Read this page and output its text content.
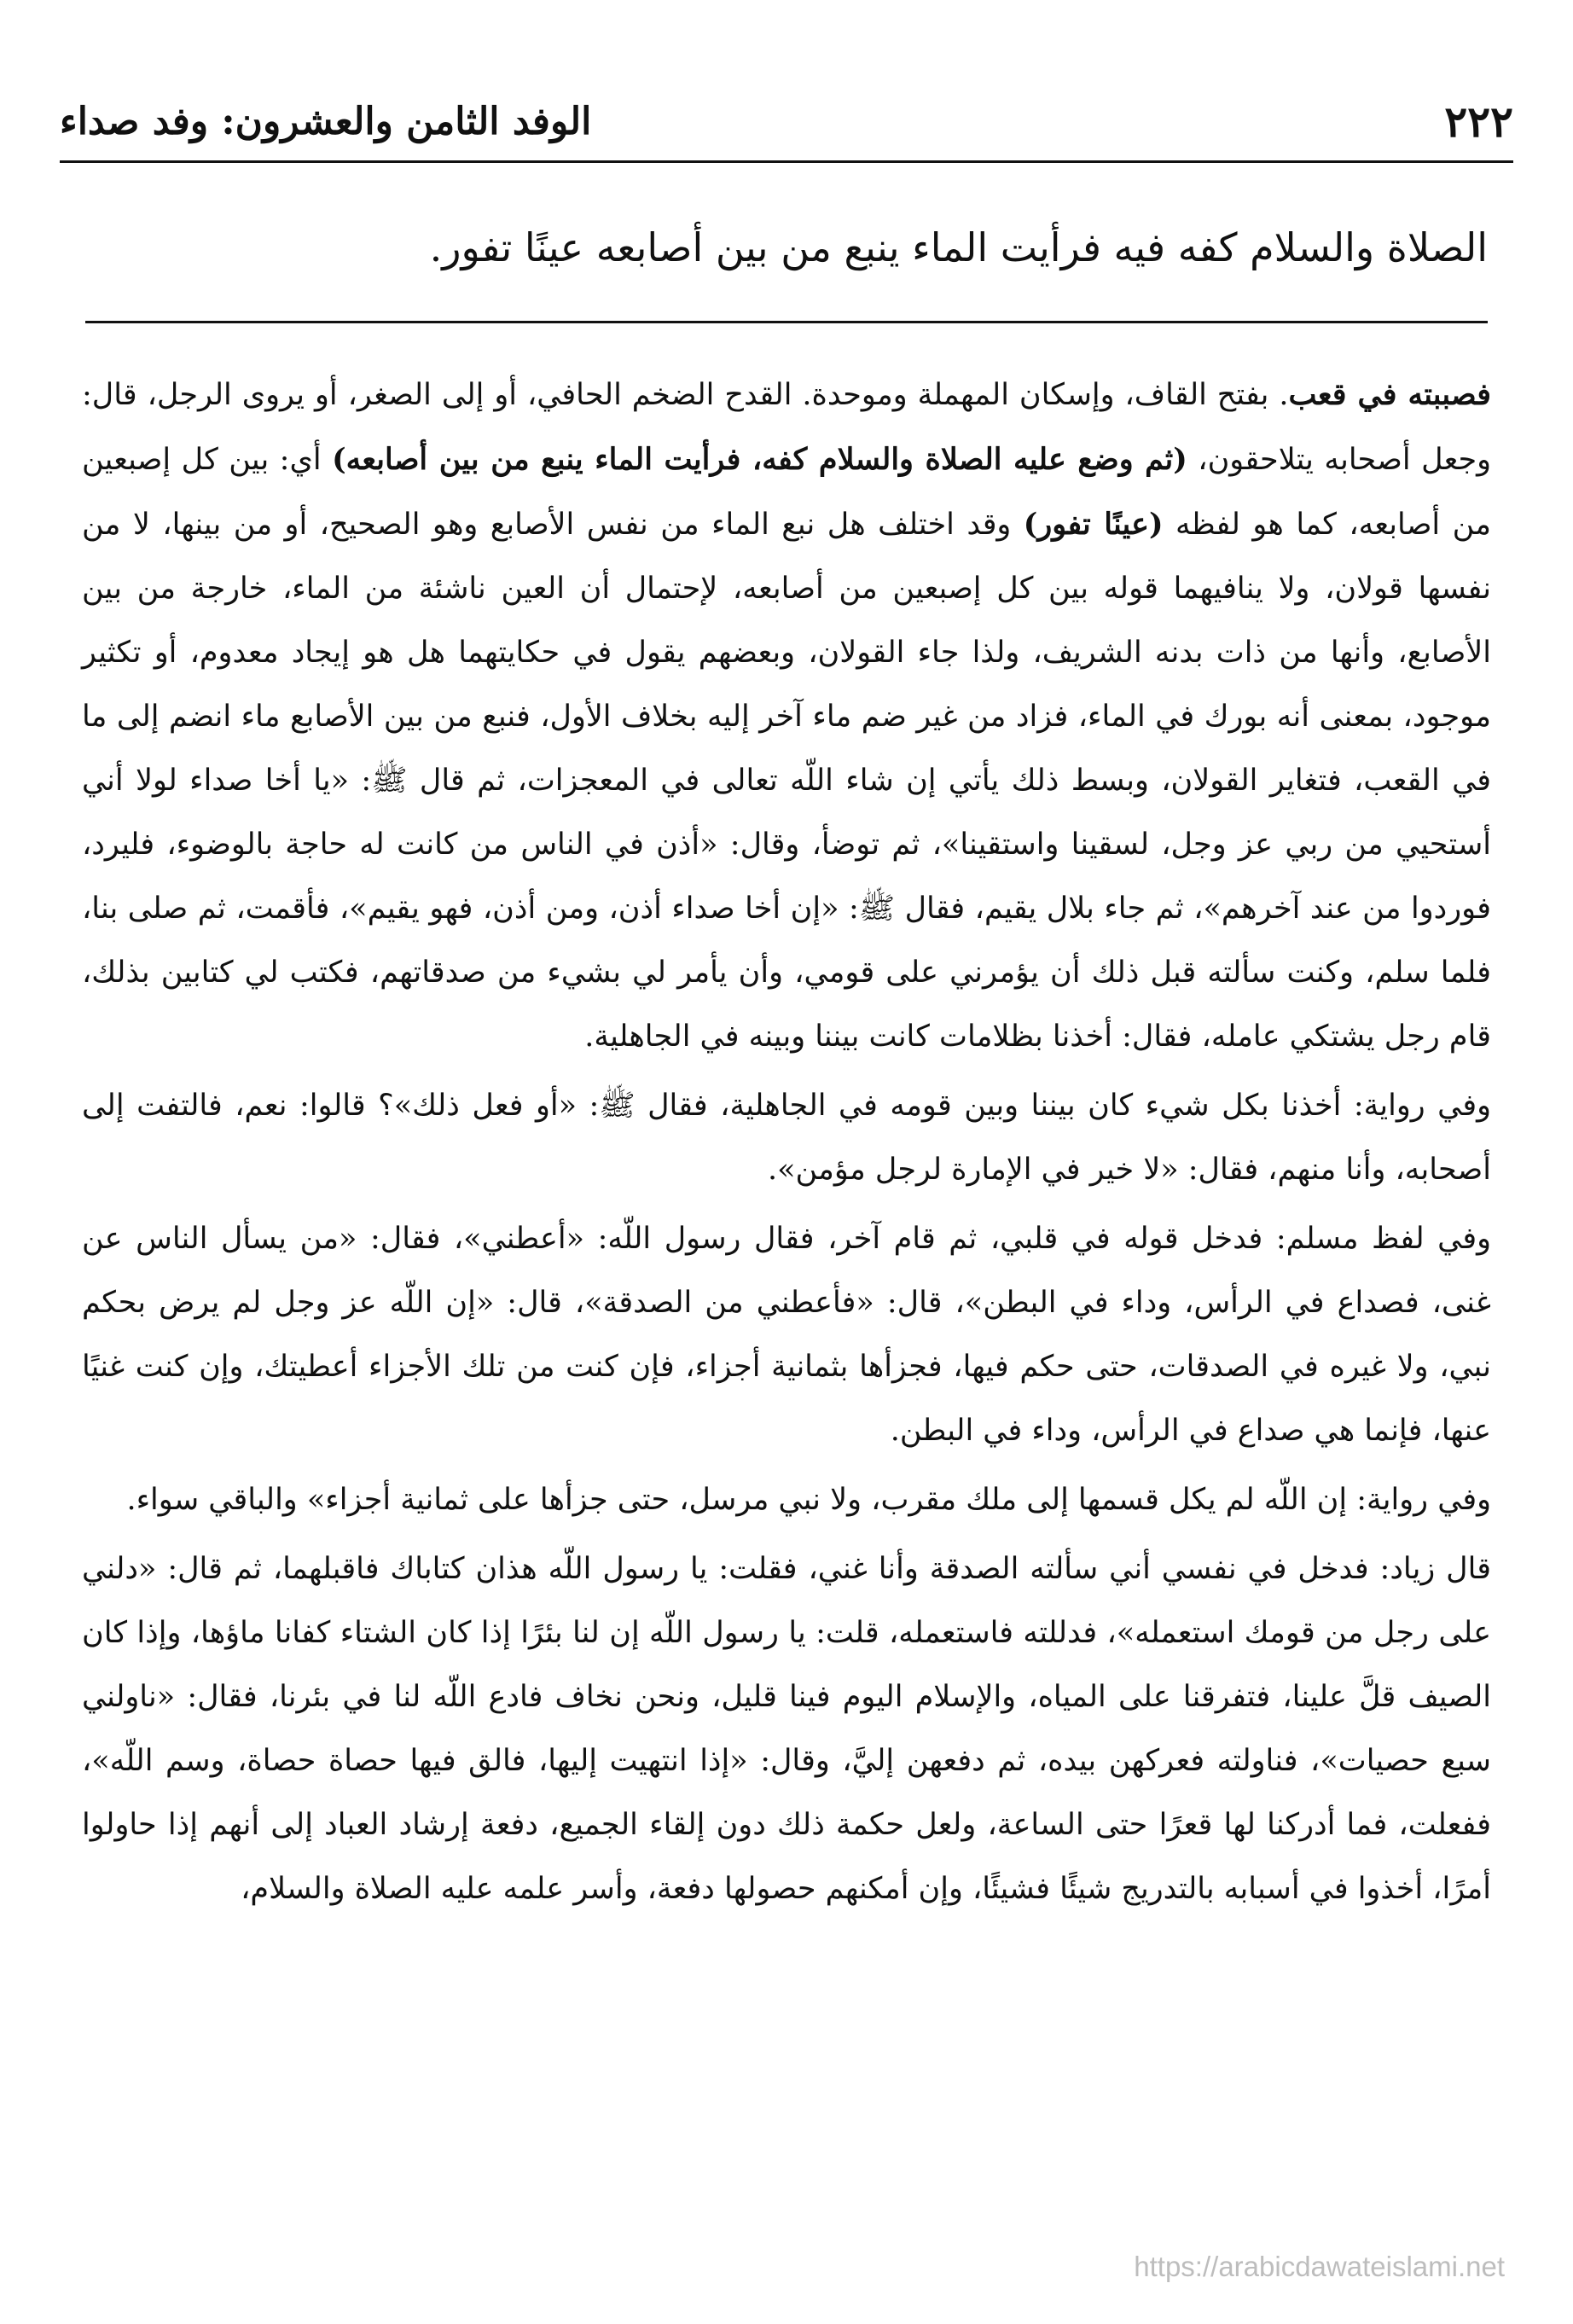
٢٢٢
الوفد الثامن والعشرون: وفد صداء
الصلاة والسلام كفه فيه فرأيت الماء ينبع من بين أصابعه عينًا تفور.

فصببته في قعب. بفتح القاف، وإسكان المهملة وموحدة. القدح الضخم الحافي، أو إلى الصغر، أو يروى الرجل، قال: وجعل أصحابه يتلاحقون، (ثم وضع عليه الصلاة والسلام كفه، فرأيت الماء ينبع من بين أصابعه) أي: بين كل إصبعين من أصابعه، كما هو لفظه (عينًا تفور) وقد اختلف هل نبع الماء من نفس الأصابع وهو الصحيح، أو من بينها، لا من نفسها قولان، ولا ينافيهما قوله بين كل إصبعين من أصابعه، لإحتمال أن العين ناشئة من الماء، خارجة من بين الأصابع، وأنها من ذات بدنه الشريف، ولذا جاء القولان، وبعضهم يقول في حكايتهما هل هو إيجاد معدوم، أو تكثير موجود، بمعنى أنه بورك في الماء، فزاد من غير ضم ماء آخر إليه بخلاف الأول، فنبع من بين الأصابع ماء انضم إلى ما في القعب، فتغاير القولان، وبسط ذلك يأتي إن شاء اللّه تعالى في المعجزات، ثم قال ﷺ: «يا أخا صداء لولا أني أستحيي من ربي عز وجل، لسقينا واستقينا»، ثم توضأ، وقال: «أذن في الناس من كانت له حاجة بالوضوء، فليرد، فوردوا من عند آخرهم»، ثم جاء بلال يقيم، فقال ﷺ: «إن أخا صداء أذن، ومن أذن، فهو يقيم»، فأقمت، ثم صلى بنا، فلما سلم، وكنت سألته قبل ذلك أن يؤمرني على قومي، وأن يأمر لي بشيء من صدقاتهم، فكتب لي كتابين بذلك، قام رجل يشتكي عامله، فقال: أخذنا بظلامات كانت بيننا وبينه في الجاهلية.

وفي رواية: أخذنا بكل شيء كان بيننا وبين قومه في الجاهلية، فقال ﷺ: «أو فعل ذلك»؟ قالوا: نعم، فالتفت إلى أصحابه، وأنا منهم، فقال: «لا خير في الإمارة لرجل مؤمن».

وفي لفظ مسلم: فدخل قوله في قلبي، ثم قام آخر، فقال رسول اللّه: «أعطني»، فقال: «من يسأل الناس عن غنى، فصداع في الرأس، وداء في البطن»، قال: «فأعطني من الصدقة»، قال: «إن اللّه عز وجل لم يرض بحكم نبي، ولا غيره في الصدقات، حتى حكم فيها، فجزأها بثمانية أجزاء، فإن كنت من تلك الأجزاء أعطيتك، وإن كنت غنيًا عنها، فإنما هي صداع في الرأس، وداء في البطن.

وفي رواية: إن اللّه لم يكل قسمها إلى ملك مقرب، ولا نبي مرسل، حتى جزأها على ثمانية أجزاء» والباقي سواء.

قال زياد: فدخل في نفسي أني سألته الصدقة وأنا غني، فقلت: يا رسول اللّه هذان كتاباك فاقبلهما، ثم قال: «دلني على رجل من قومك استعمله»، فدللته فاستعمله، قلت: يا رسول اللّه إن لنا بئرًا إذا كان الشتاء كفانا ماؤها، وإذا كان الصيف قلَّ علينا، فتفرقنا على المياه، والإسلام اليوم فينا قليل، ونحن نخاف فادع اللّه لنا في بئرنا، فقال: «ناولني سبع حصيات»، فناولته فعركهن بيده، ثم دفعهن إليَّ، وقال: «إذا انتهيت إليها، فالق فيها حصاة حصاة، وسم اللّه»، ففعلت، فما أدركنا لها قعرًا حتى الساعة، ولعل حكمة ذلك دون إلقاء الجميع، دفعة إرشاد العباد إلى أنهم إذا حاولوا أمرًا، أخذوا في أسبابه بالتدريج شيئًا فشيئًا، وإن أمكنهم حصولها دفعة، وأسر علمه عليه الصلاة والسلام،

https://arabicdawateislami.net
